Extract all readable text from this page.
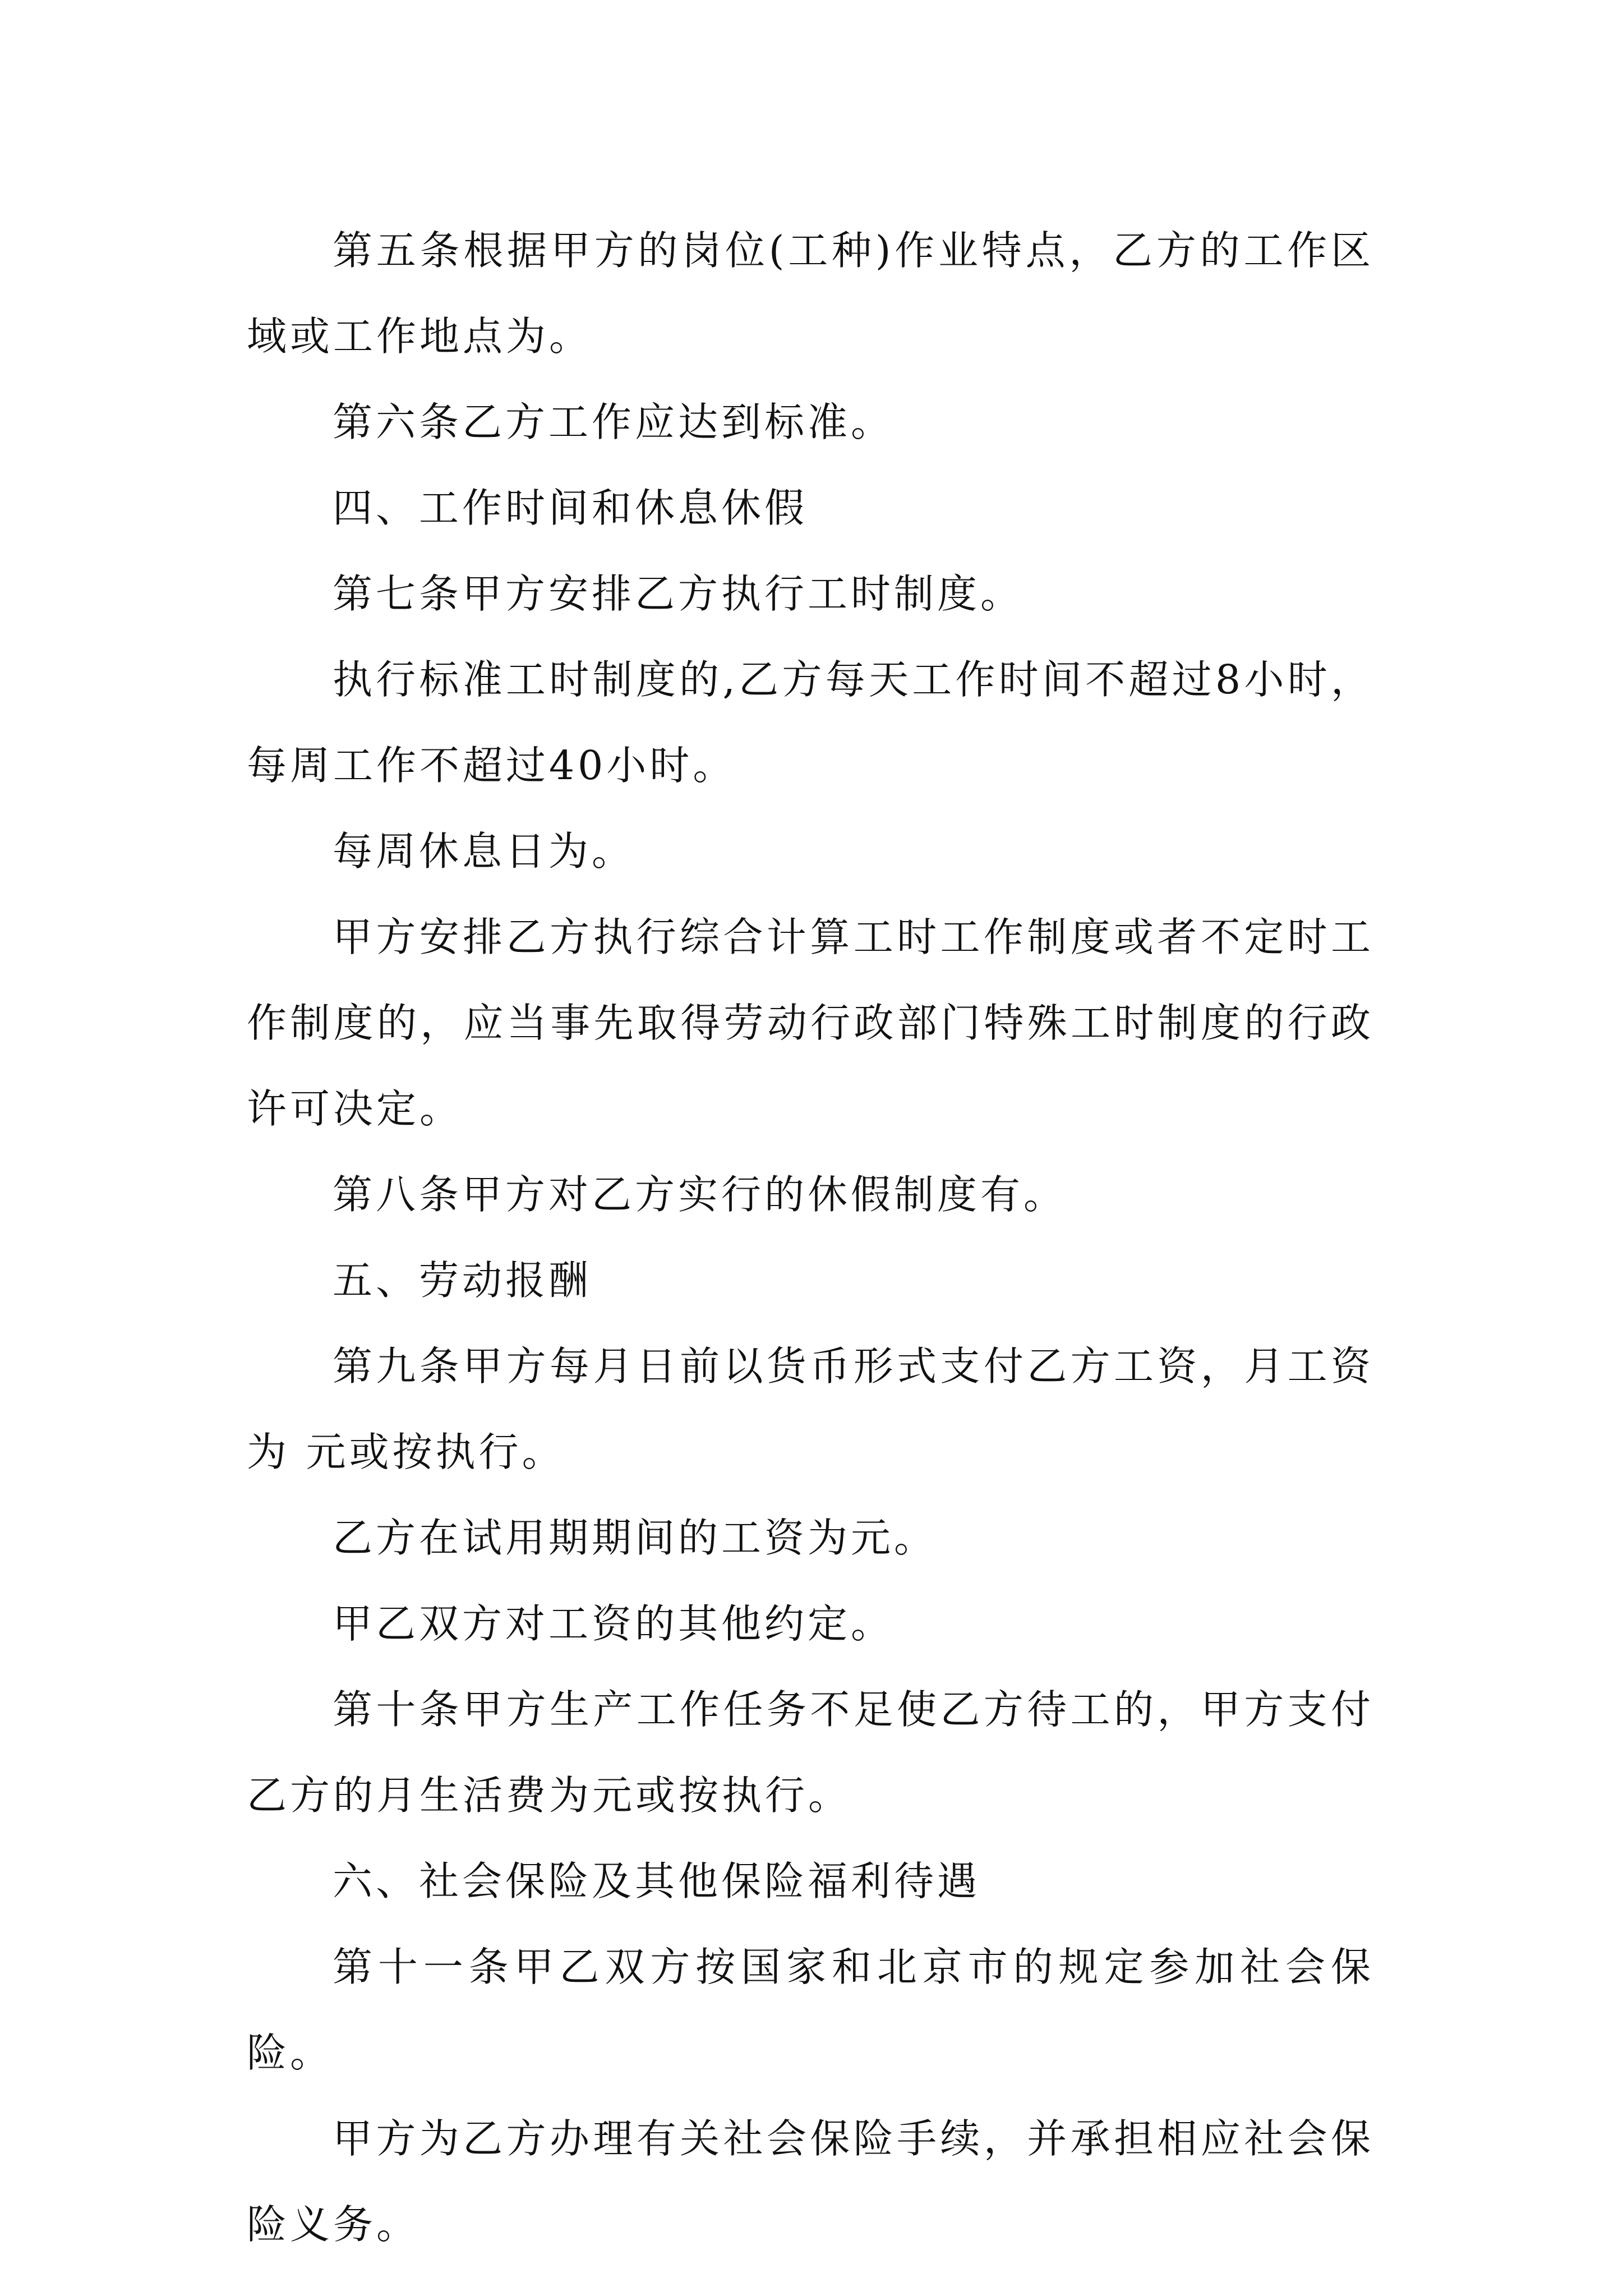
第五条根据甲方的岗位(工种)作业特点，乙方的工作区域或工作地点为。

第六条乙方工作应达到标准。

四、工作时间和休息休假

第七条甲方安排乙方执行工时制度。

执行标准工时制度的,乙方每天工作时间不超过8小时，每周工作不超过40小时。

每周休息日为。

甲方安排乙方执行综合计算工时工作制度或者不定时工作制度的，应当事先取得劳动行政部门特殊工时制度的行政许可决定。

第八条甲方对乙方实行的休假制度有。

五、劳动报酬

第九条甲方每月日前以货币形式支付乙方工资，月工资为 元或按执行。

乙方在试用期期间的工资为元。

甲乙双方对工资的其他约定。

第十条甲方生产工作任务不足使乙方待工的，甲方支付乙方的月生活费为元或按执行。

六、社会保险及其他保险福利待遇

第十一条甲乙双方按国家和北京市的规定参加社会保险。

甲方为乙方办理有关社会保险手续，并承担相应社会保险义务。
